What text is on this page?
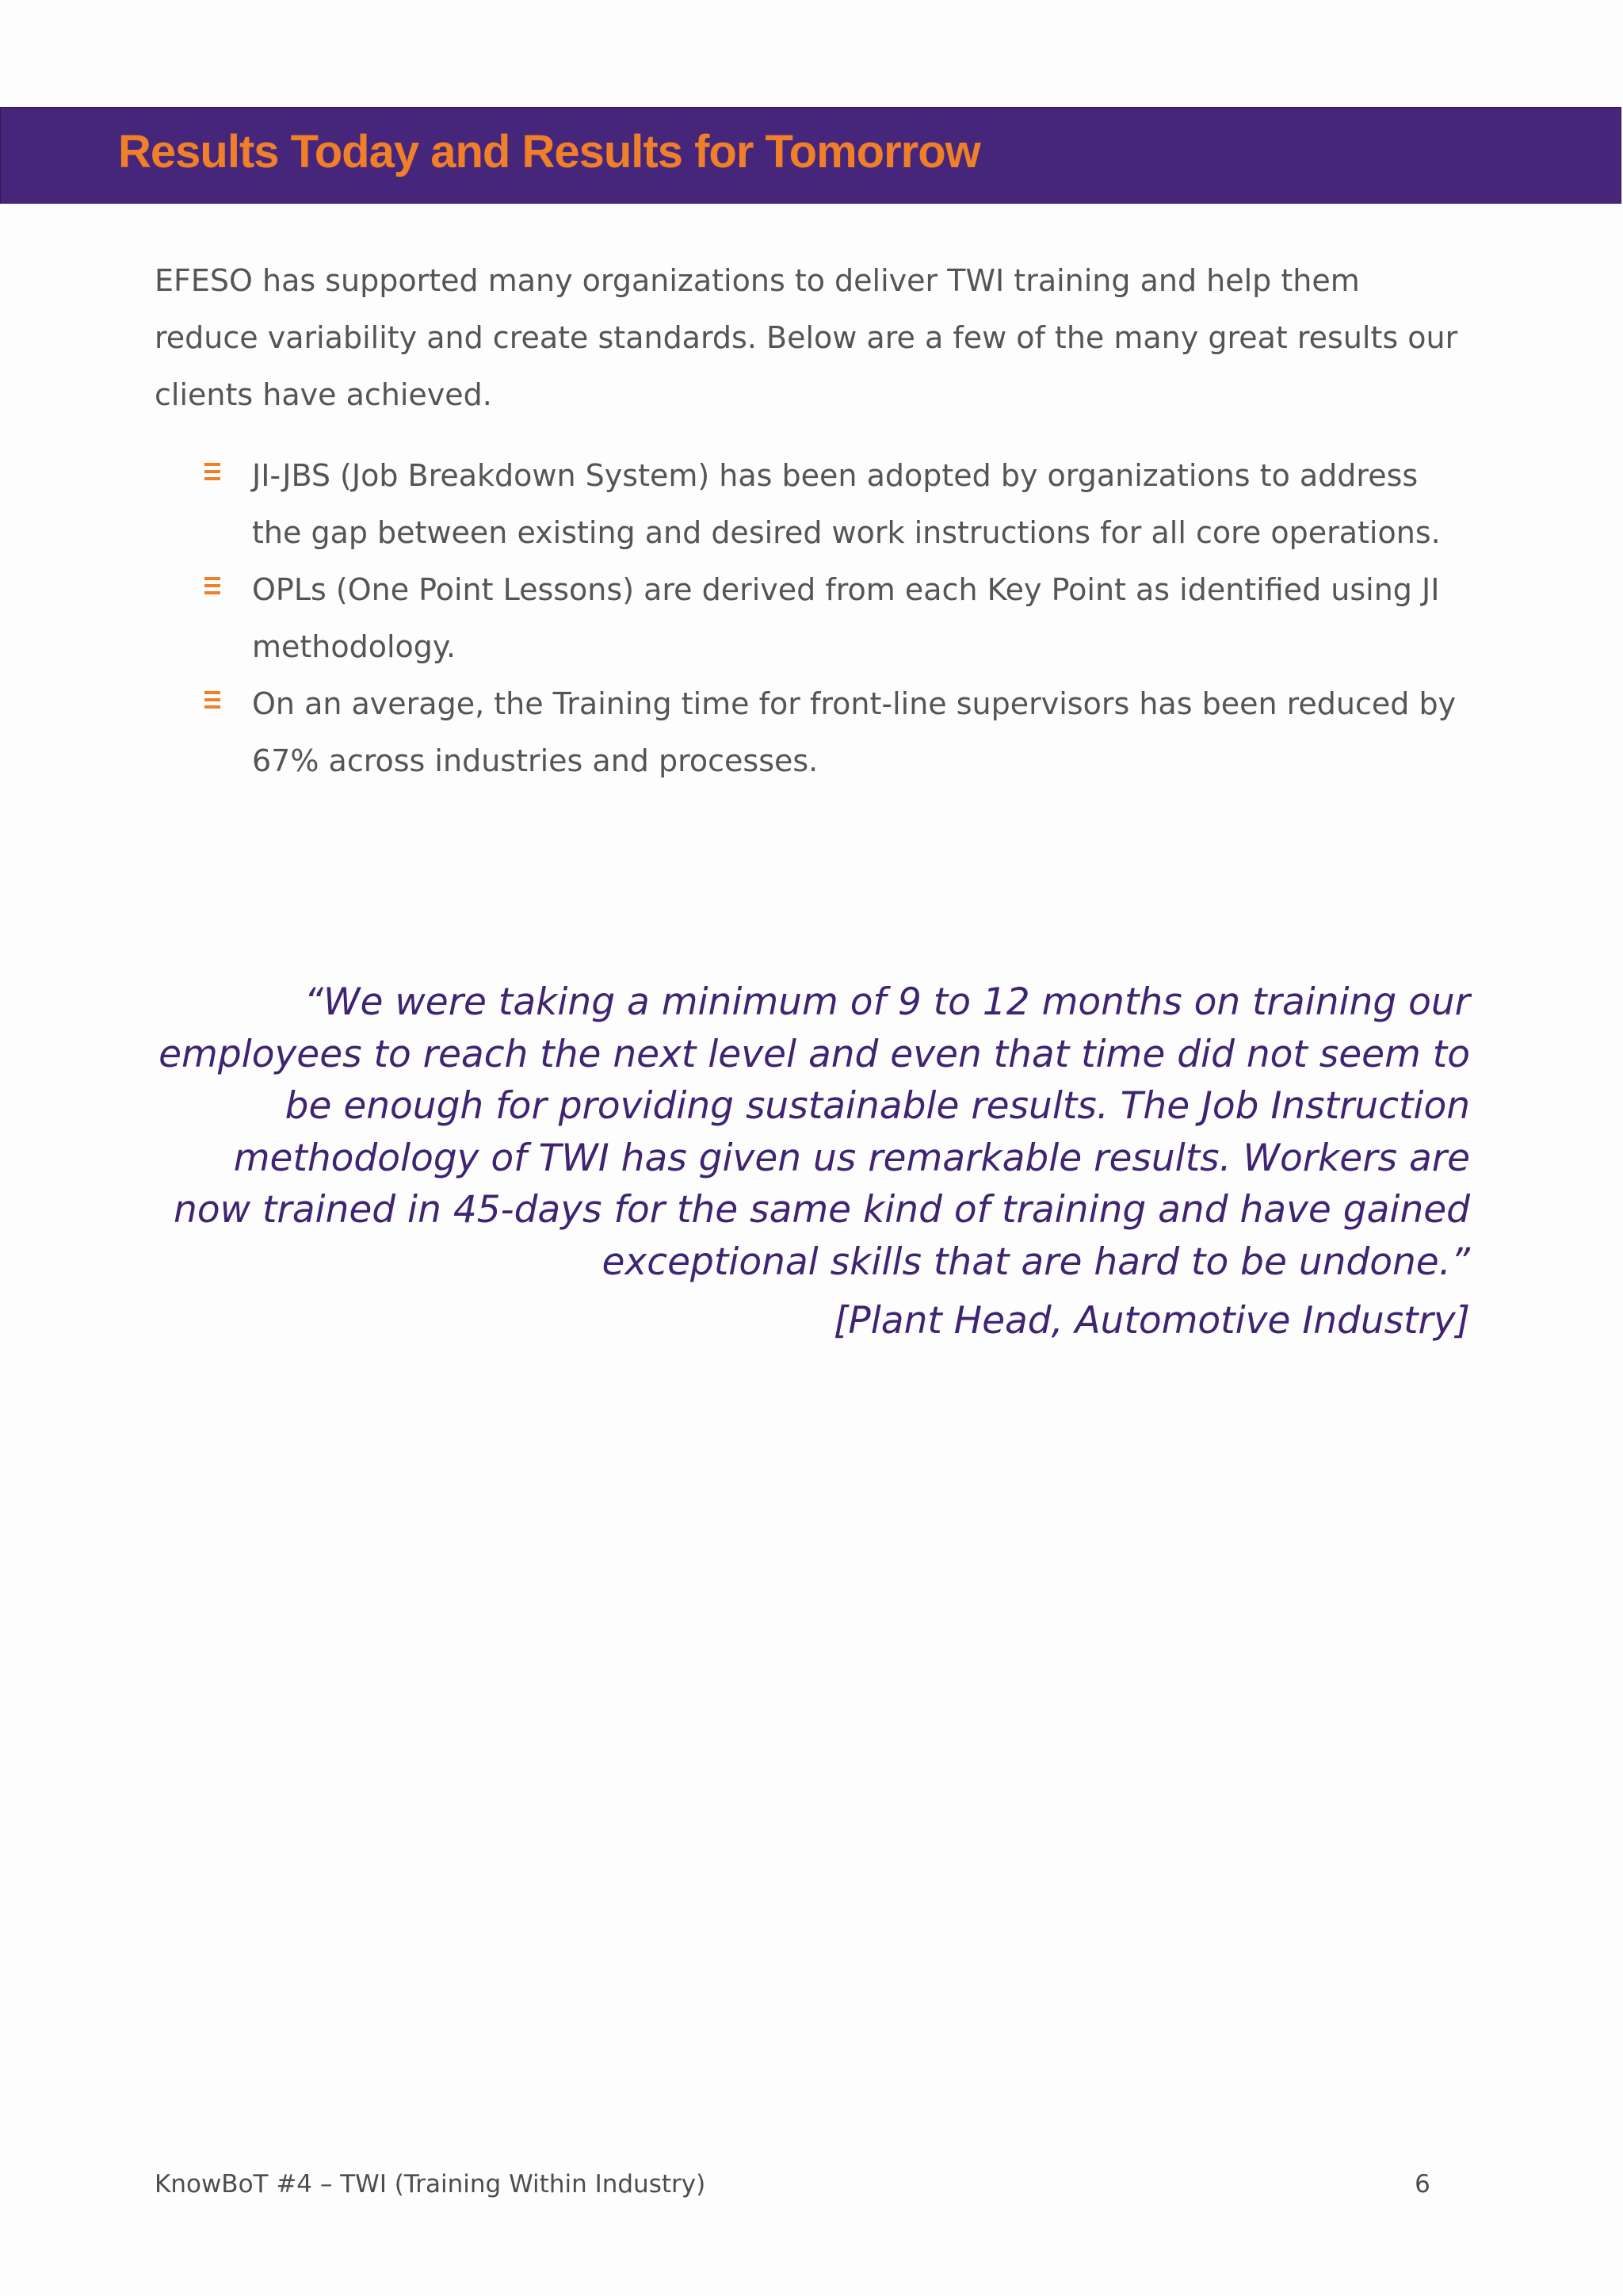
Results Today and Results for Tomorrow

EFESO has supported many organizations to deliver TWI training and help them reduce variability and create standards. Below are a few of the many great results our clients have achieved.

JI-JBS (Job Breakdown System) has been adopted by organizations to address the gap between existing and desired work instructions for all core operations.
OPLs (One Point Lessons) are derived from each Key Point as identified using JI methodology.
On an average, the Training time for front-line supervisors has been reduced by 67% across industries and processes.

“We were taking a minimum of 9 to 12 months on training our employees to reach the next level and even that time did not seem to be enough for providing sustainable results. The Job Instruction methodology of TWI has given us remarkable results. Workers are now trained in 45-days for the same kind of training and have gained exceptional skills that are hard to be undone.”

[Plant Head, Automotive Industry]

KnowBoT #4 – TWI (Training Within Industry)	6
